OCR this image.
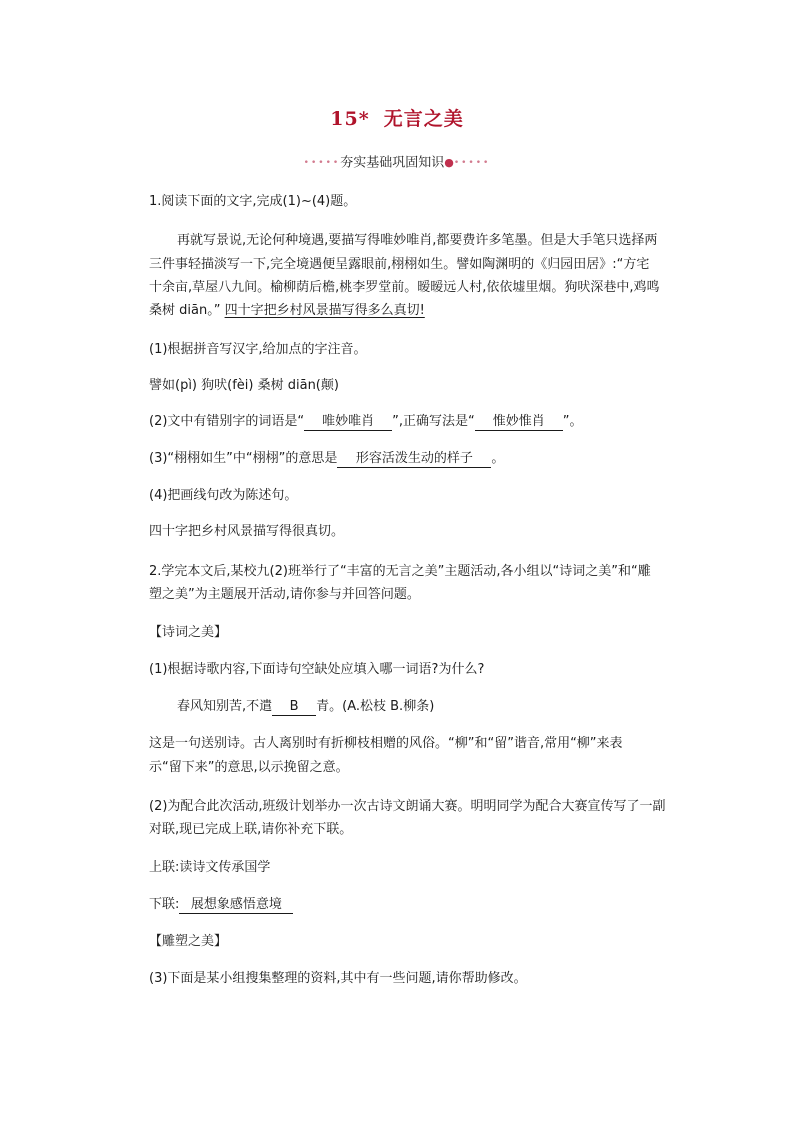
15* 无言之美
•••••夯实基础巩固知识●•••••
1.阅读下面的文字,完成(1)~(4)题。
再就写景说,无论何种境遇,要描写得唯妙唯肖,都要费许多笔墨。但是大手笔只选择两
三件事轻描淡写一下,完全境遇便呈露眼前,栩栩如生。譬如陶渊明的《归园田居》:“方宅
十余亩,草屋八九间。榆柳荫后檐,桃李罗堂前。暧暧远人村,依依墟里烟。狗吠深巷中,鸡鸣
桑树 diān。” 四十字把乡村风景描写得多么真切!
(1)根据拼音写汉字,给加点的字注音。
譬如(pì) 狗吠(fèi) 桑树 diān(颠)
(2)文中有错别字的词语是“ 唯妙唯肖 ”,正确写法是“ 惟妙惟肖 ”。
(3)“栩栩如生”中“栩栩”的意思是 形容活泼生动的样子 。
(4)把画线句改为陈述句。
四十字把乡村风景描写得很真切。
2.学完本文后,某校九(2)班举行了“丰富的无言之美”主题活动,各小组以“诗词之美”和“雕
塑之美”为主题展开活动,请你参与并回答问题。
【诗词之美】
(1)根据诗歌内容,下面诗句空缺处应填入哪一词语?为什么?
春风知别苦,不遣 B 青。(A.松枝 B.柳条)
这是一句送别诗。古人离别时有折柳枝相赠的风俗。“柳”和“留”谐音,常用“柳”来表
示“留下来”的意思,以示挽留之意。
(2)为配合此次活动,班级计划举办一次古诗文朗诵大赛。明明同学为配合大赛宣传写了一副
对联,现已完成上联,请你补充下联。
上联:读诗文传承国学
下联: 展想象感悟意境
【雕塑之美】
(3)下面是某小组搜集整理的资料,其中有一些问题,请你帮助修改。
